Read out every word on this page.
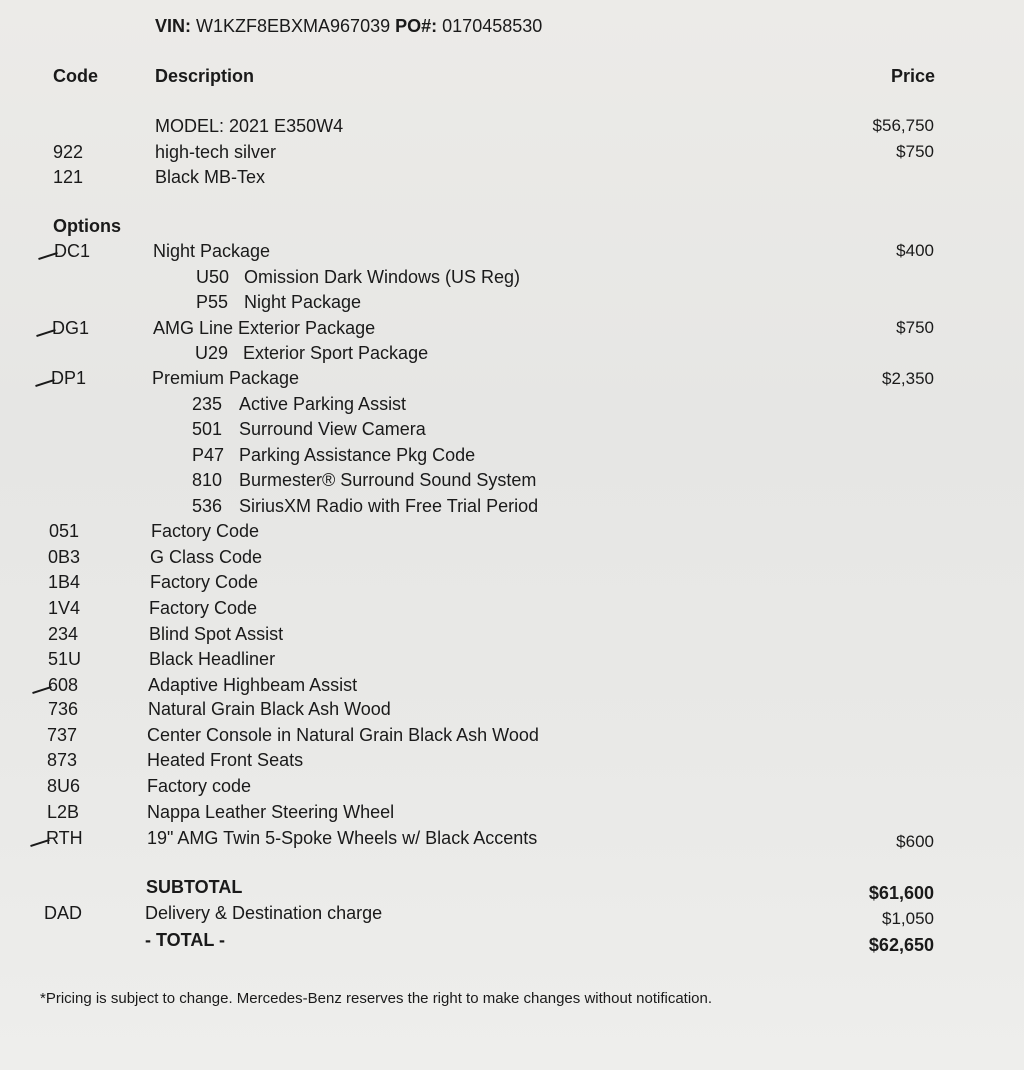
VIN: W1KZF8EBXMA967039 PO#: 0170458530
Code	Description	Price
MODEL: 2021 E350W4	$56,750
922	high-tech silver	$750
121	Black MB-Tex
Options
DC1	Night Package	$400
U50 Omission Dark Windows (US Reg)
P55 Night Package
DG1	AMG Line Exterior Package	$750
U29 Exterior Sport Package
DP1	Premium Package	$2,350
235 Active Parking Assist
501 Surround View Camera
P47 Parking Assistance Pkg Code
810 Burmester® Surround Sound System
536 SiriusXM Radio with Free Trial Period
051	Factory Code
0B3	G Class Code
1B4	Factory Code
1V4	Factory Code
234	Blind Spot Assist
51U	Black Headliner
608	Adaptive Highbeam Assist
736	Natural Grain Black Ash Wood
737	Center Console in Natural Grain Black Ash Wood
873	Heated Front Seats
8U6	Factory code
L2B	Nappa Leather Steering Wheel
RTH	19" AMG Twin 5-Spoke Wheels w/ Black Accents	$600
SUBTOTAL	$61,600
DAD	Delivery & Destination charge	$1,050
- TOTAL -	$62,650
*Pricing is subject to change. Mercedes-Benz reserves the right to make changes without notification.
